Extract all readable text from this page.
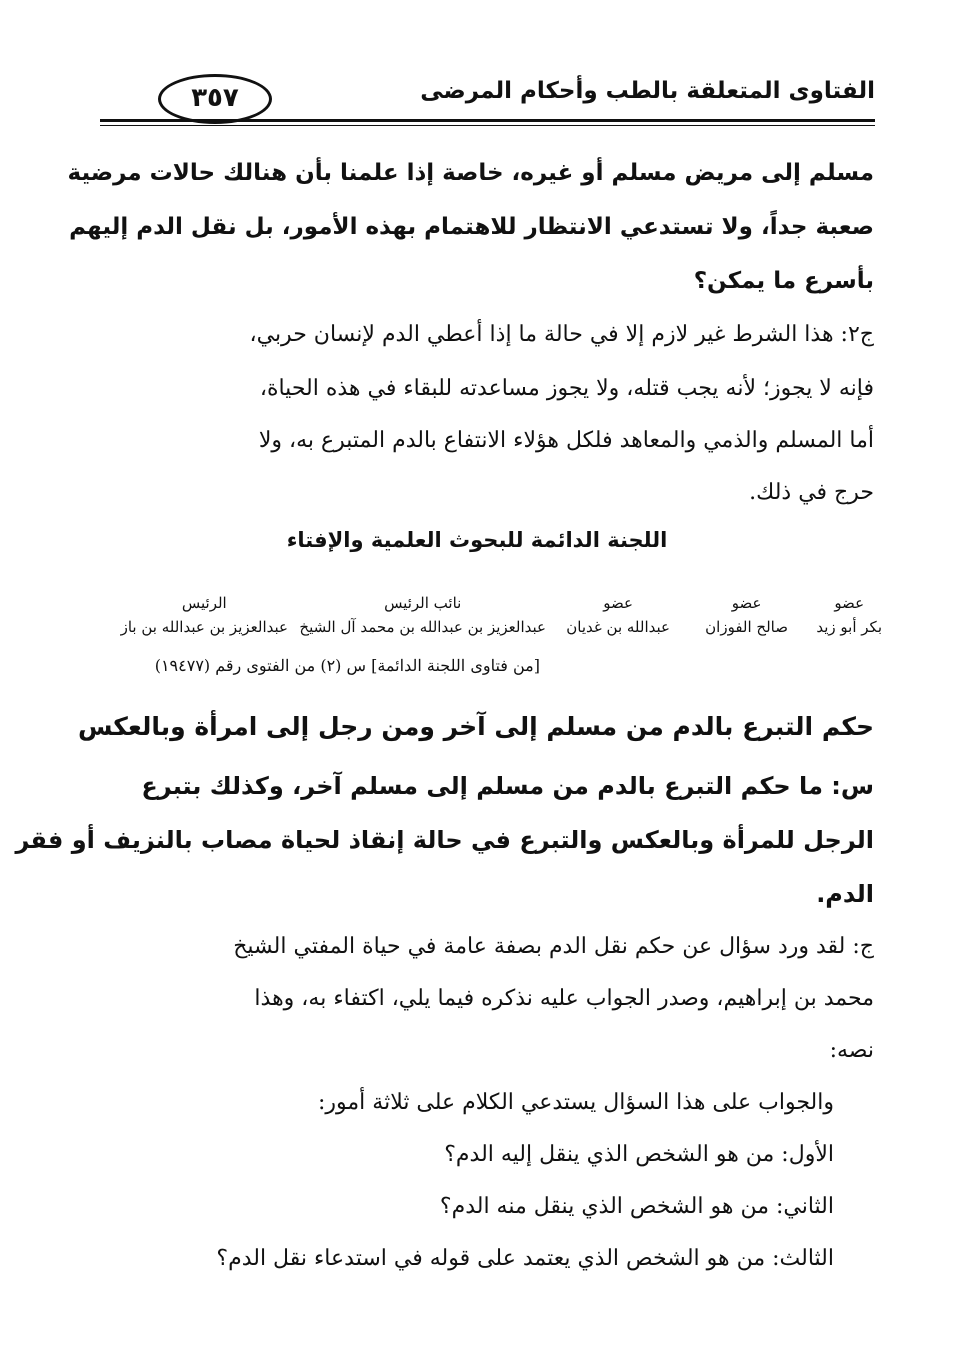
الفتاوى المتعلقة بالطب وأحكام المرضى
٣٥٧
مسلم إلى مريض مسلم أو غيره، خاصة إذا علمنا بأن هنالك حالات مرضية
صعبة جداً، ولا تستدعي الانتظار للاهتمام بهذه الأمور، بل نقل الدم إليهم
بأسرع ما يمكن؟
ج٢: هذا الشرط غير لازم إلا في حالة ما إذا أعطي الدم لإنسان حربي،
فإنه لا يجوز؛ لأنه يجب قتله، ولا يجوز مساعدته للبقاء في هذه الحياة،
أما المسلم والذمي والمعاهد فلكل هؤلاء الانتفاع بالدم المتبرع به، ولا
حرج في ذلك.
اللجنة الدائمة للبحوث العلمية والإفتاء
عضو
بكر أبو زيد
عضو
صالح الفوزان
عضو
عبدالله بن غديان
نائب الرئيس
عبدالعزيز بن عبدالله بن محمد آل الشيخ
الرئيس
عبدالعزيز بن عبدالله بن باز
[من فتاوى اللجنة الدائمة] س (٢) من الفتوى رقم (١٩٤٧٧)
حكم التبرع بالدم من مسلم إلى آخر ومن رجل إلى امرأة وبالعكس
س: ما حكم التبرع بالدم من مسلم إلى مسلم آخر، وكذلك بتبرع
الرجل للمرأة وبالعكس والتبرع في حالة إنقاذ لحياة مصاب بالنزيف أو فقر
الدم.
ج: لقد ورد سؤال عن حكم نقل الدم بصفة عامة في حياة المفتي الشيخ
محمد بن إبراهيم، وصدر الجواب عليه نذكره فيما يلي، اكتفاء به، وهذا
نصه:
والجواب على هذا السؤال يستدعي الكلام على ثلاثة أمور:
الأول: من هو الشخص الذي ينقل إليه الدم؟
الثاني: من هو الشخص الذي ينقل منه الدم؟
الثالث: من هو الشخص الذي يعتمد على قوله في استدعاء نقل الدم؟
